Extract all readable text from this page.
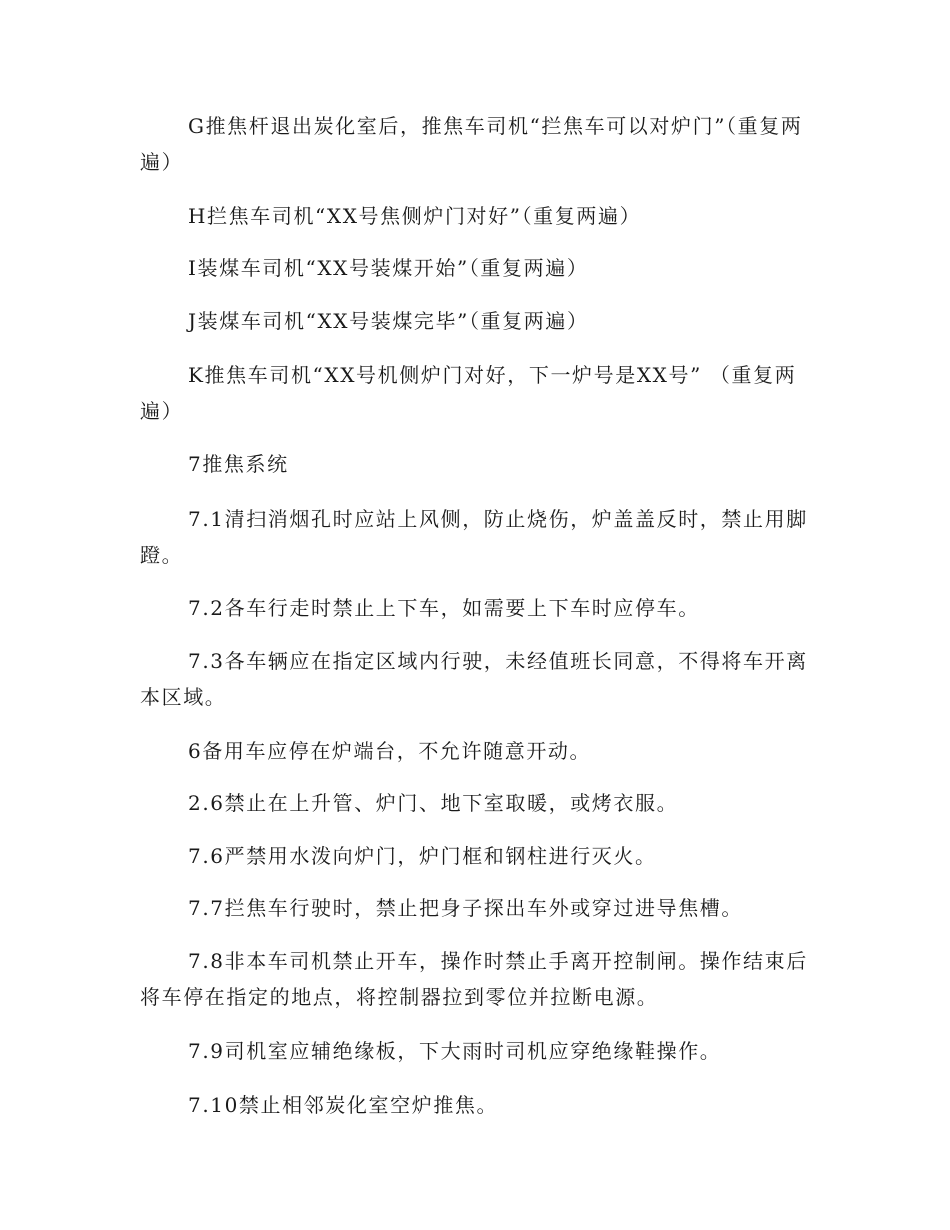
G推焦杆退出炭化室后，推焦车司机“拦焦车可以对炉门”（重复两遍）

H拦焦车司机“XX号焦侧炉门对好”（重复两遍）

I装煤车司机“XX号装煤开始”（重复两遍）

J装煤车司机“XX号装煤完毕”（重复两遍）

K推焦车司机“XX号机侧炉门对好，下一炉号是XX号” （重复两遍）

7推焦系统

7.1清扫消烟孔时应站上风侧，防止烧伤，炉盖盖反时，禁止用脚蹬。

7.2各车行走时禁止上下车，如需要上下车时应停车。

7.3各车辆应在指定区域内行驶，未经值班长同意，不得将车开离本区域。

6备用车应停在炉端台，不允许随意开动。

2.6禁止在上升管、炉门、地下室取暖，或烤衣服。

7.6严禁用水泼向炉门，炉门框和钢柱进行灭火。

7.7拦焦车行驶时，禁止把身子探出车外或穿过进导焦槽。

7.8非本车司机禁止开车，操作时禁止手离开控制闸。操作结束后将车停在指定的地点，将控制器拉到零位并拉断电源。

7.9司机室应辅绝缘板，下大雨时司机应穿绝缘鞋操作。

7.10禁止相邻炭化室空炉推焦。
